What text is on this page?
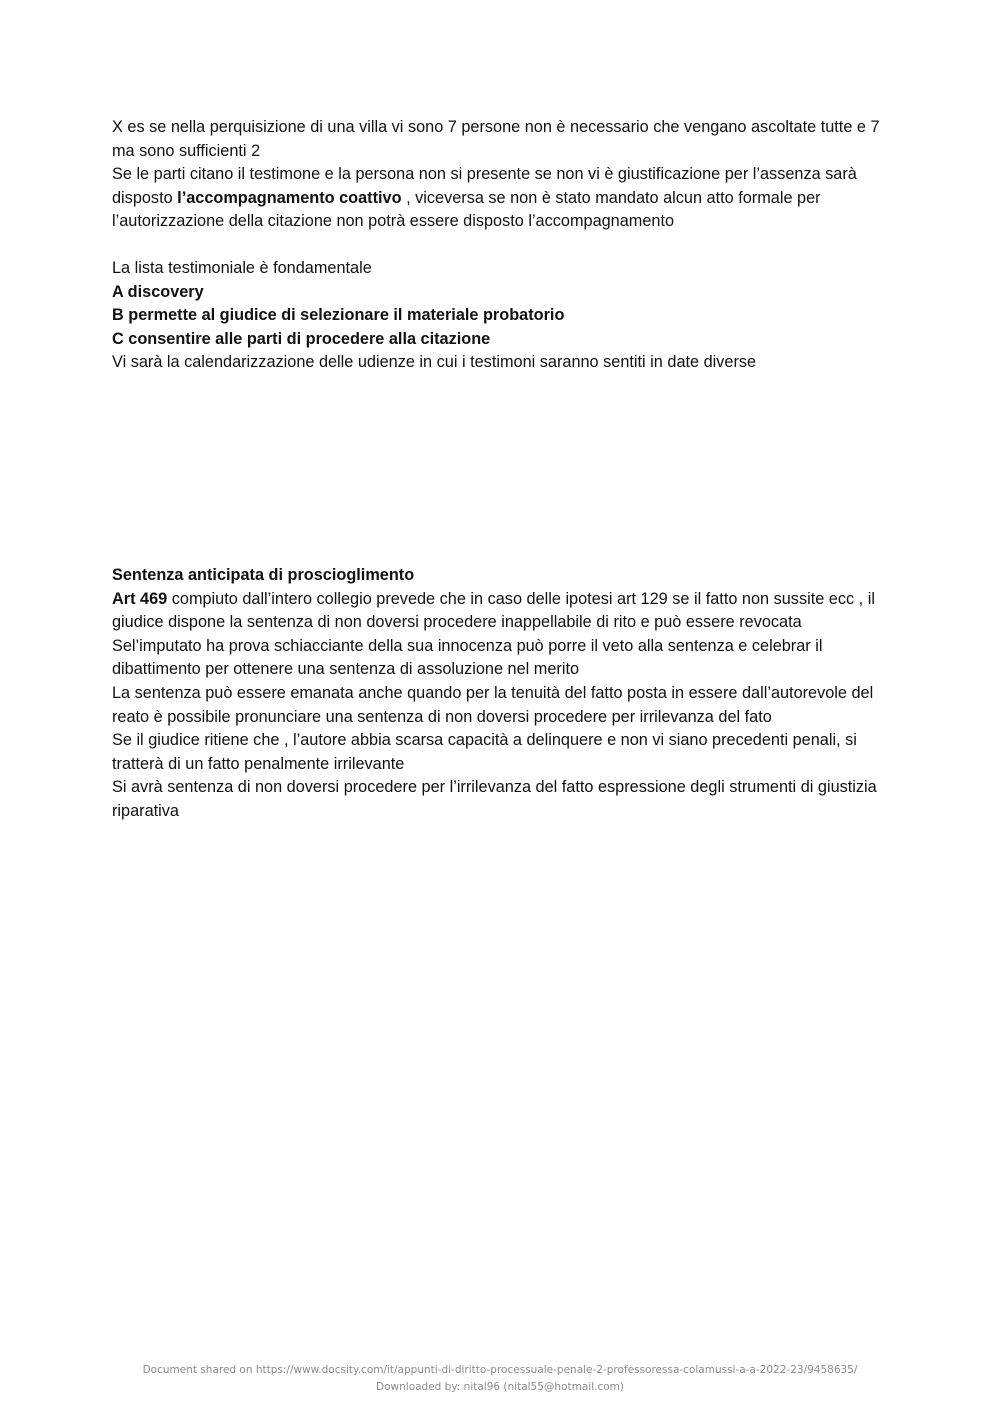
X es se nella perquisizione di una villa vi sono 7 persone non è necessario che vengano ascoltate tutte e 7 ma sono sufficienti 2

Se le parti citano il testimone e la persona non si presente se non vi è giustificazione per l’assenza sarà disposto l’accompagnamento coattivo , viceversa se non è stato mandato alcun atto formale per l’autorizzazione della citazione non potrà essere disposto l’accompagnamento

La lista testimoniale è fondamentale

A discovery

B permette al giudice di selezionare il materiale probatorio

C consentire alle parti di procedere alla citazione

Vi sarà la calendarizzazione delle udienze in cui i testimoni saranno sentiti in date diverse

Sentenza anticipata di proscioglimento

Art 469 compiuto dall’intero collegio prevede che in caso delle ipotesi art 129 se il fatto non sussite ecc , il giudice dispone la sentenza di non doversi procedere inappellabile di rito e può essere revocata

Sel’imputato ha prova schiacciante della sua innocenza può porre il veto alla sentenza e celebrar il dibattimento per ottenere una sentenza di assoluzione nel merito

La sentenza può essere emanata anche quando per la tenuità del fatto posta in essere dall’autorevole del reato è possibile pronunciare una sentenza di non doversi procedere per irrilevanza del fato

Se il giudice ritiene che , l’autore abbia scarsa capacità a delinquere e non vi siano precedenti penali, si tratterà di un fatto penalmente irrilevante

Si avrà sentenza di non doversi procedere per l’irrilevanza del fatto espressione degli strumenti di giustizia riparativa

Document shared on https://www.docsity.com/it/appunti-di-diritto-processuale-penale-2-professoressa-colamussi-a-a-2022-23/9458635/
Downloaded by: nital96 (nital55@hotmail.com)
